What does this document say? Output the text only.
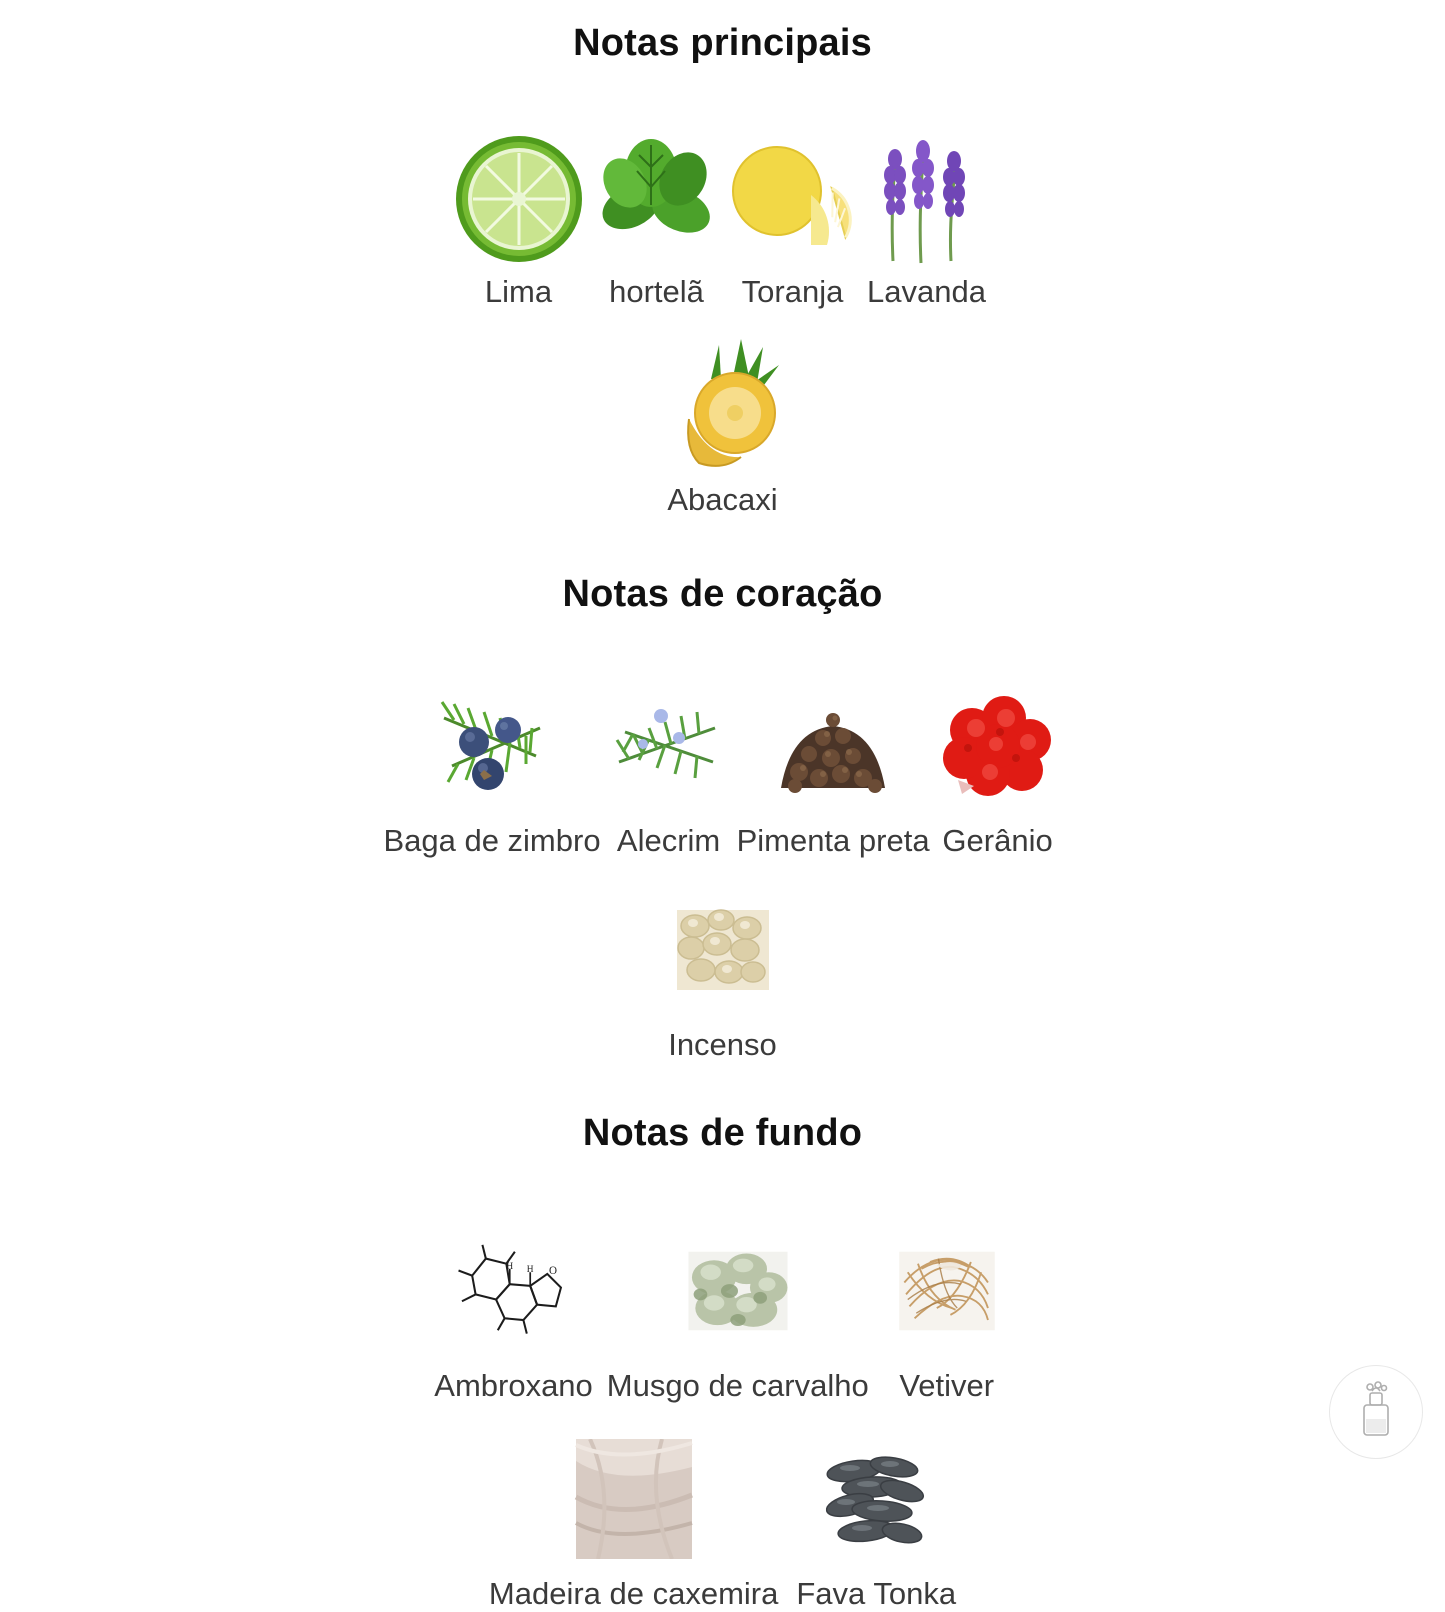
Notas principais
Lima hortelã Toranja Lavanda
Abacaxi
Notas de coração
Baga de zimbro Alecrim Pimenta preta Gerânio
Incenso
Notas de fundo
O
H H
Ambroxano Musgo de carvalho Vetiver
Madeira de caxemira Fava Tonka
